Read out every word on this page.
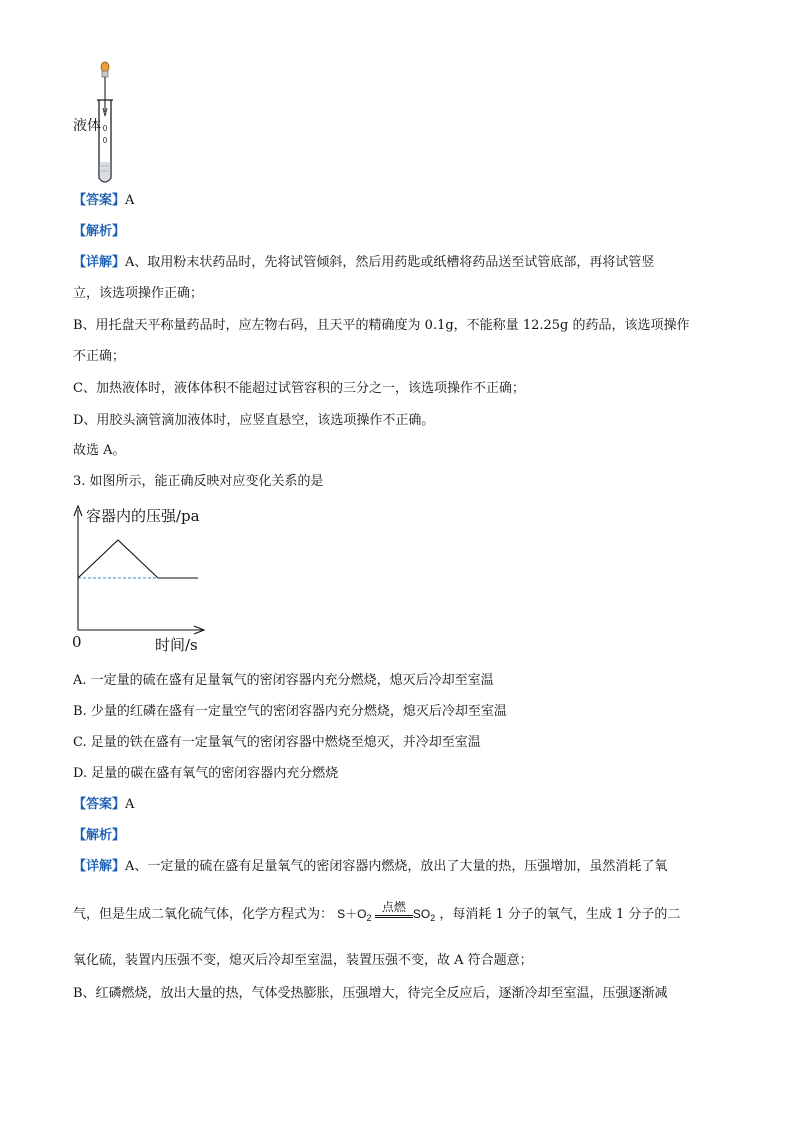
液体
【答案】A
【解析】
【详解】A、取用粉末状药品时，先将试管倾斜，然后用药匙或纸槽将药品送至试管底部，再将试管竖
立，该选项操作正确；
B、用托盘天平称量药品时，应左物右码，且天平的精确度为 0.1g，不能称量 12.25g 的药品，该选项操作
不正确；
C、加热液体时，液体体积不能超过试管容积的三分之一，该选项操作不正确；
D、用胶头滴管滴加液体时，应竖直悬空，该选项操作不正确。
故选 A。
3. 如图所示，能正确反映对应变化关系的是
容器内的压强/pa
0	时间/s
A. 一定量的硫在盛有足量氧气的密闭容器内充分燃烧，熄灭后冷却至室温
B. 少量的红磷在盛有一定量空气的密闭容器内充分燃烧，熄灭后冷却至室温
C. 足量的铁在盛有一定量氧气的密闭容器中燃烧至熄灭，并冷却至室温
D. 足量的碳在盛有氧气的密闭容器内充分燃烧
【答案】A
【解析】
【详解】A、一定量的硫在盛有足量氧气的密闭容器内燃烧，放出了大量的热，压强增加，虽然消耗了氧
气，但是生成二氧化硫气体，化学方程式为： $S+O_2$
点燃 $SO_2$ ，每消耗 1 分子的氧气，生成 1 分子的二
氧化硫，装置内压强不变，熄灭后冷却至室温，装置压强不变，故 A 符合题意；
B、红磷燃烧，放出大量的热，气体受热膨胀，压强增大，待完全反应后，逐渐冷却至室温，压强逐渐减
